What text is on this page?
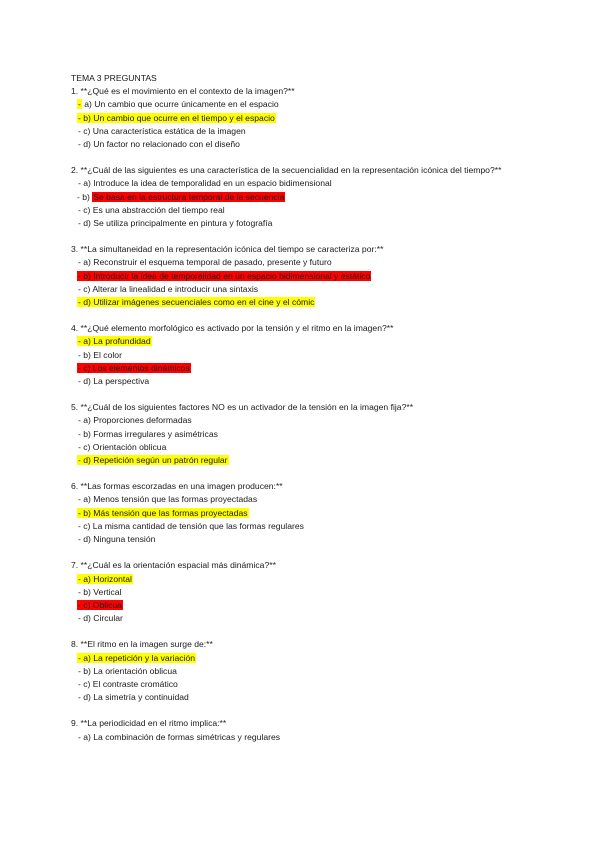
TEMA 3 PREGUNTAS
1. **¿Qué es el movimiento en el contexto de la imagen?**
- a) Un cambio que ocurre únicamente en el espacio
- b) Un cambio que ocurre en el tiempo y el espacio
- c) Una característica estática de la imagen
- d) Un factor no relacionado con el diseño
2. **¿Cuál de las siguientes es una característica de la secuencialidad en la representación icónica del tiempo?**
- a) Introduce la idea de temporalidad en un espacio bidimensional
- b) Se basa en la estructura temporal de la secuencia
- c) Es una abstracción del tiempo real
- d) Se utiliza principalmente en pintura y fotografía
3. **La simultaneidad en la representación icónica del tiempo se caracteriza por:**
- a) Reconstruir el esquema temporal de pasado, presente y futuro
- b) Introducir la idea de temporalidad en un espacio bidimensional y estático
- c) Alterar la linealidad e introducir una sintaxis
- d) Utilizar imágenes secuenciales como en el cine y el cómic
4. **¿Qué elemento morfológico es activado por la tensión y el ritmo en la imagen?**
- a) La profundidad
- b) El color
- c) Los elementos dinámicos
- d) La perspectiva
5. **¿Cuál de los siguientes factores NO es un activador de la tensión en la imagen fija?**
- a) Proporciones deformadas
- b) Formas irregulares y asimétricas
- c) Orientación oblicua
- d) Repetición según un patrón regular
6. **Las formas escorzadas en una imagen producen:**
- a) Menos tensión que las formas proyectadas
- b) Más tensión que las formas proyectadas
- c) La misma cantidad de tensión que las formas regulares
- d) Ninguna tensión
7. **¿Cuál es la orientación espacial más dinámica?**
- a) Horizontal
- b) Vertical
- c) Oblicua
- d) Circular
8. **El ritmo en la imagen surge de:**
- a) La repetición y la variación
- b) La orientación oblicua
- c) El contraste cromático
- d) La simetría y continuidad
9. **La periodicidad en el ritmo implica:**
- a) La combinación de formas simétricas y regulares
